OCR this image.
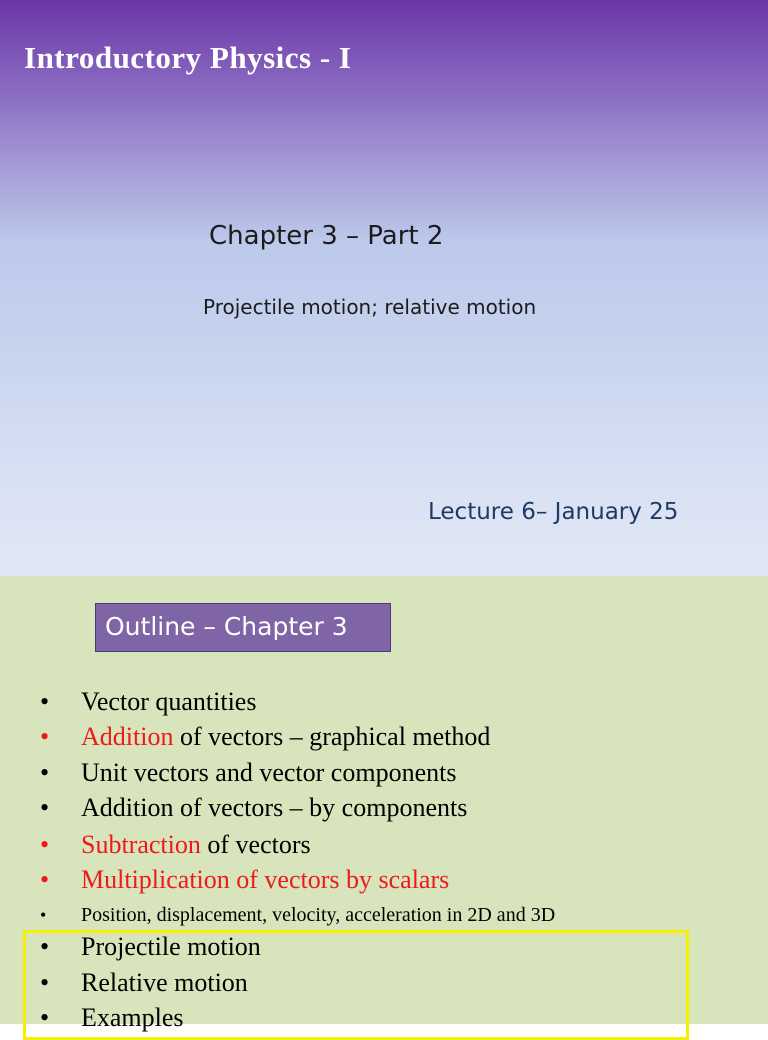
Introductory Physics - I
Chapter 3 – Part 2
Projectile motion; relative motion
Lecture 6– January 25
Outline – Chapter 3
•	Vector quantities
•	Addition of vectors – graphical method
•	Unit vectors and vector components
•	Addition of vectors – by components
•	Subtraction of vectors
•	Multiplication of vectors by scalars
•	Position, displacement, velocity, acceleration in 2D and 3D
•	Projectile motion
•	Relative motion
•	Examples
